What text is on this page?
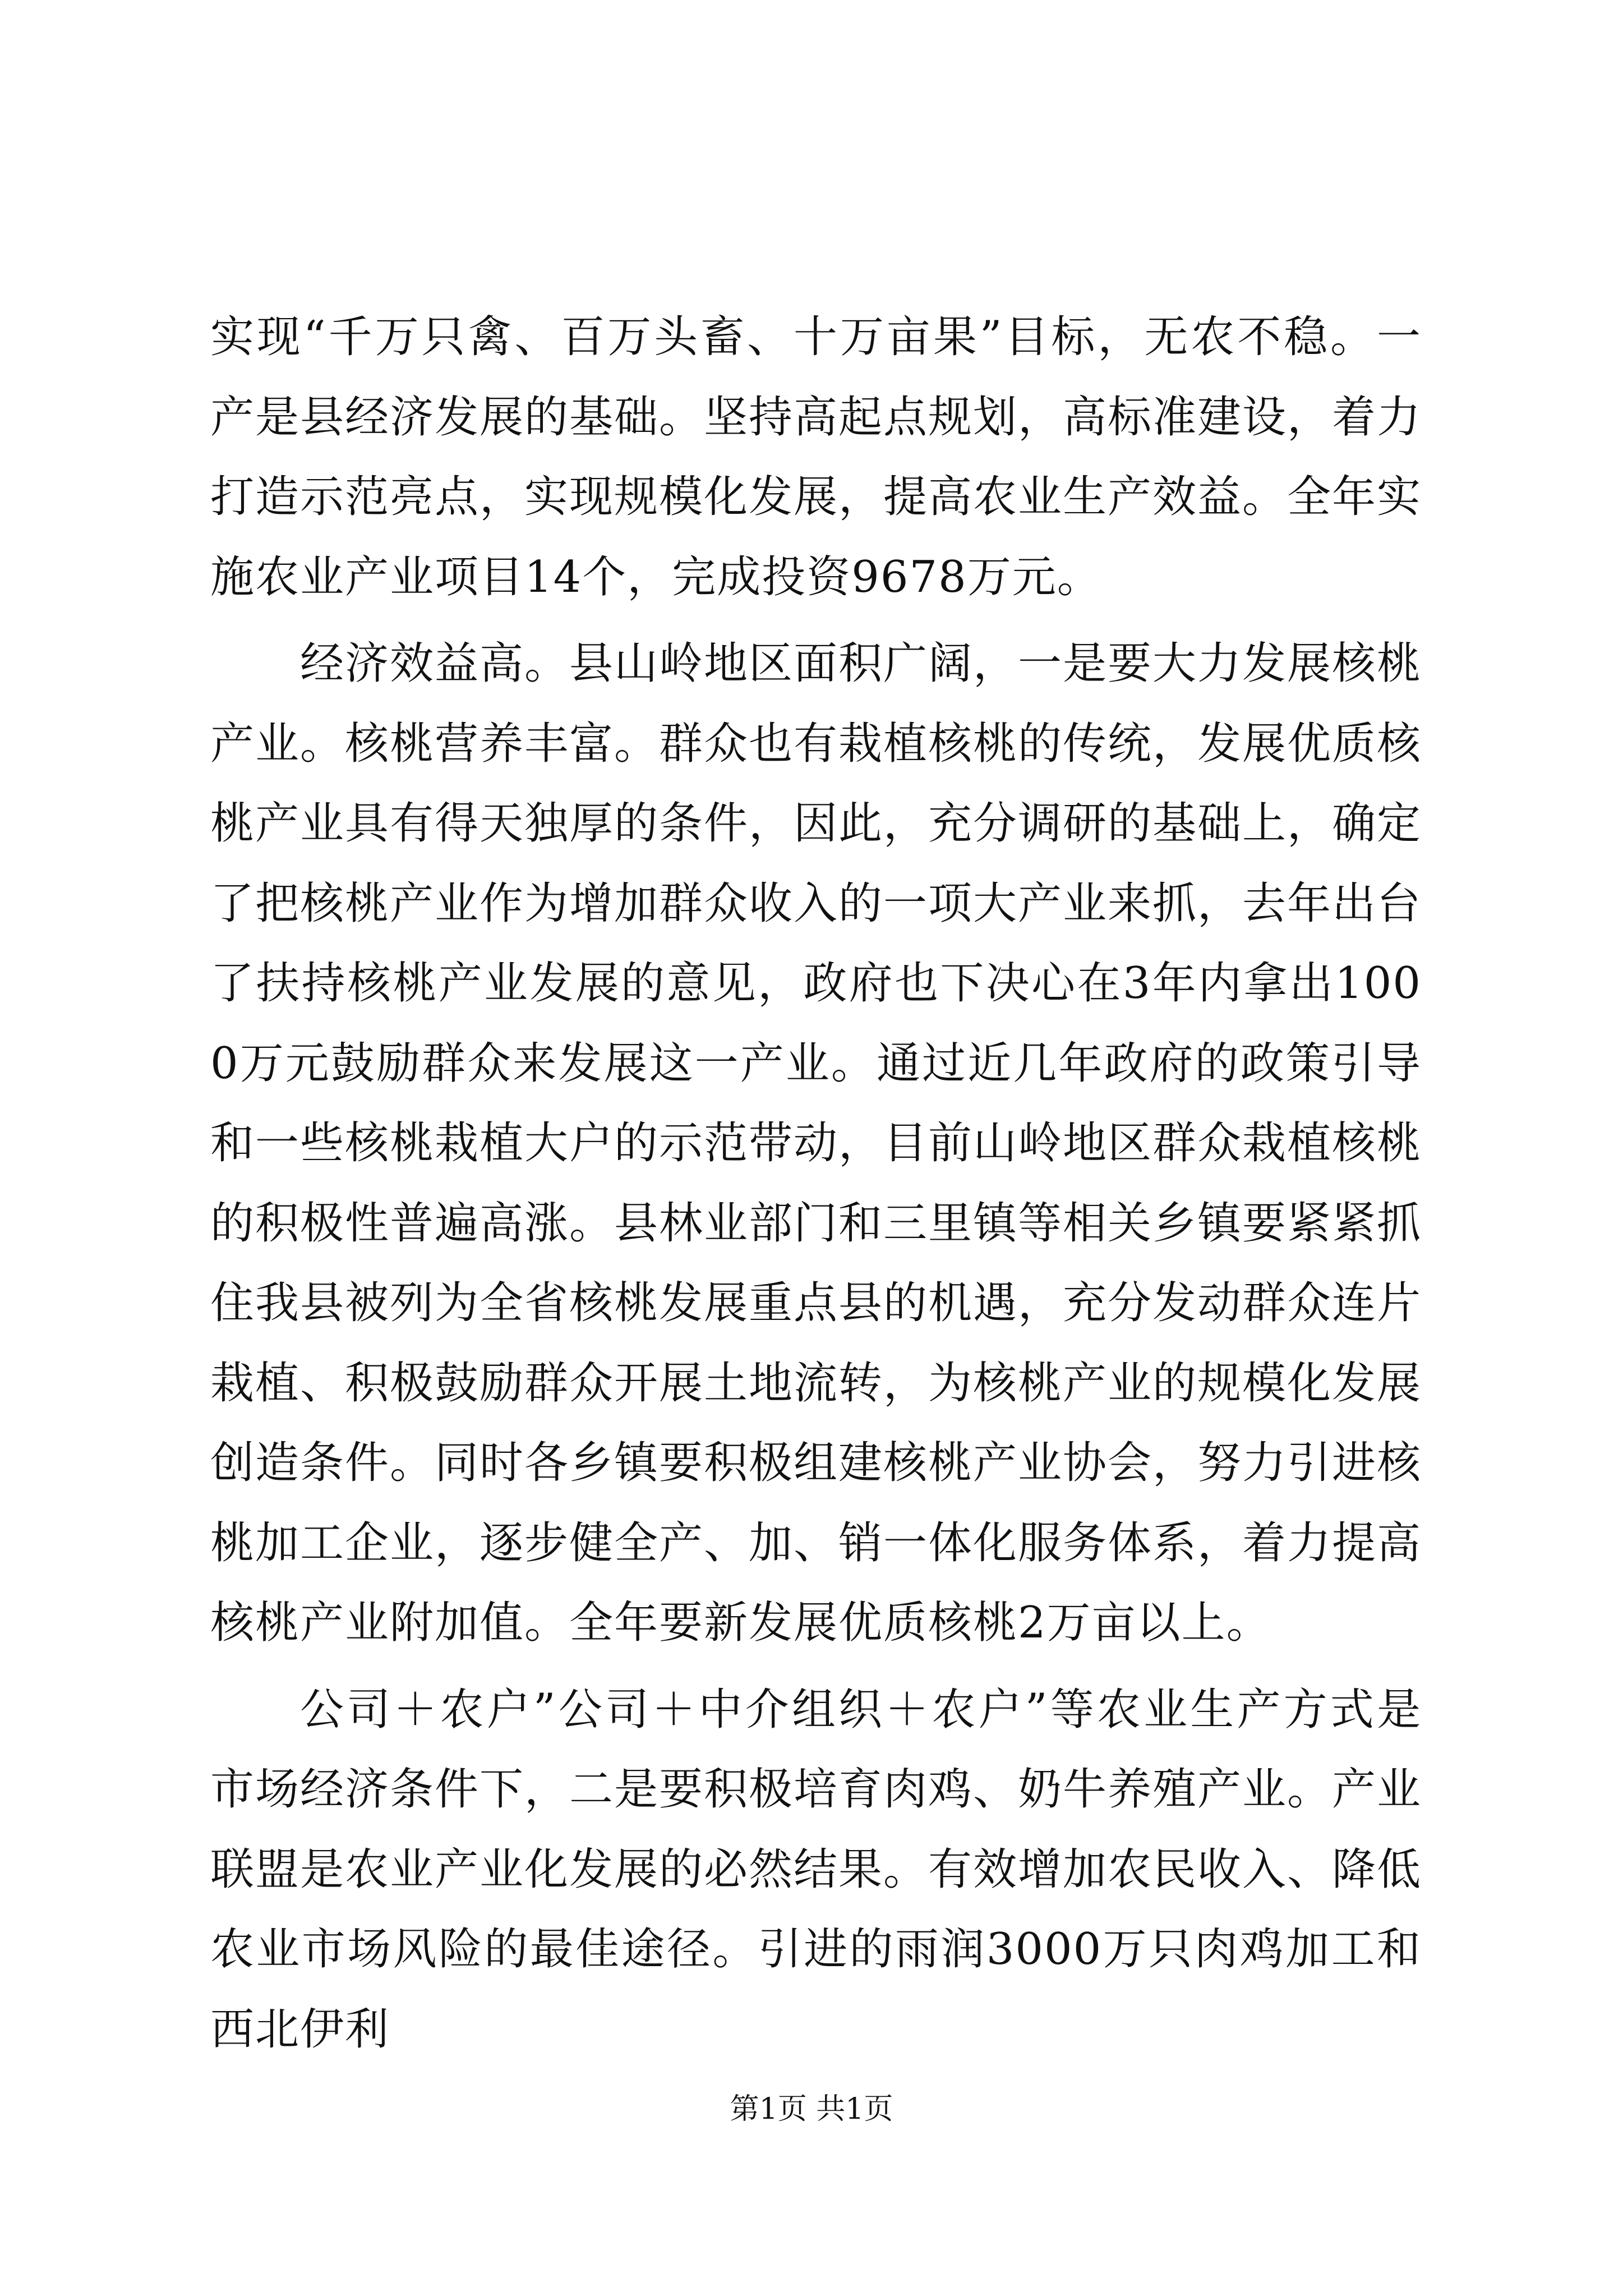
实现“千万只禽、百万头畜、十万亩果”目标，无农不稳。一产是县经济发展的基础。坚持高起点规划，高标准建设，着力打造示范亮点，实现规模化发展，提高农业生产效益。全年实施农业产业项目14个，完成投资9678万元。

经济效益高。县山岭地区面积广阔，一是要大力发展核桃产业。核桃营养丰富。群众也有栽植核桃的传统，发展优质核桃产业具有得天独厚的条件，因此，充分调研的基础上，确定了把核桃产业作为增加群众收入的一项大产业来抓，去年出台了扶持核桃产业发展的意见，政府也下决心在3年内拿出1000万元鼓励群众来发展这一产业。通过近几年政府的政策引导和一些核桃栽植大户的示范带动，目前山岭地区群众栽植核桃的积极性普遍高涨。县林业部门和三里镇等相关乡镇要紧紧抓住我县被列为全省核桃发展重点县的机遇，充分发动群众连片栽植、积极鼓励群众开展土地流转，为核桃产业的规模化发展创造条件。同时各乡镇要积极组建核桃产业协会，努力引进核桃加工企业，逐步健全产、加、销一体化服务体系，着力提高核桃产业附加值。全年要新发展优质核桃2万亩以上。

公司＋农户”公司＋中介组织＋农户”等农业生产方式是市场经济条件下，二是要积极培育肉鸡、奶牛养殖产业。产业联盟是农业产业化发展的必然结果。有效增加农民收入、降低农业市场风险的最佳途径。引进的雨润3000万只肉鸡加工和西北伊利

第1页 共1页
